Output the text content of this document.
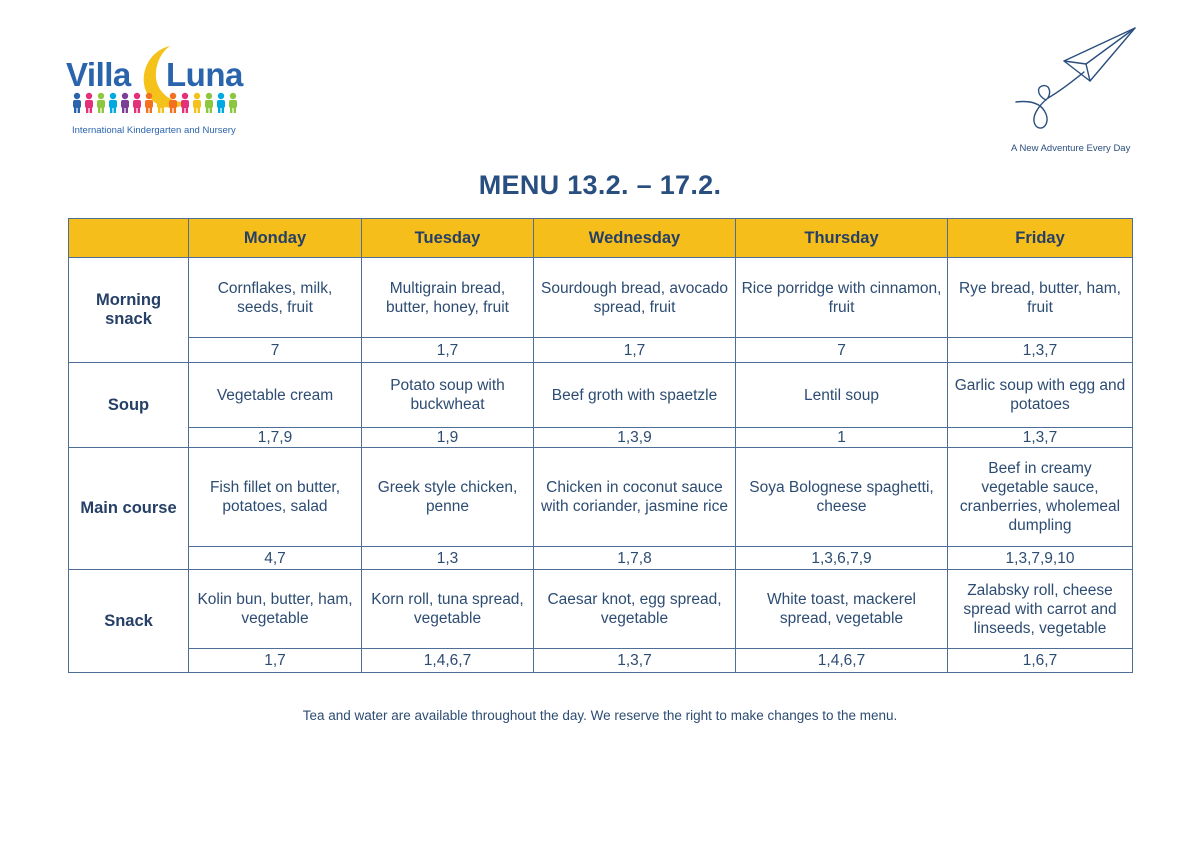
Villa Luna
International Kindergarten and Nursery
A New Adventure Every Day
MENU 13.2. – 17.2.
	Monday	Tuesday	Wednesday	Thursday	Friday
Morning snack	Cornflakes, milk, seeds, fruit	Multigrain bread, butter, honey, fruit	Sourdough bread, avocado spread, fruit	Rice porridge with cinnamon, fruit	Rye bread, butter, ham, fruit
	7	1,7	1,7	7	1,3,7
Soup	Vegetable cream	Potato soup with buckwheat	Beef groth with spaetzle	Lentil soup	Garlic soup with egg and potatoes
	1,7,9	1,9	1,3,9	1	1,3,7
Main course	Fish fillet on butter, potatoes, salad	Greek style chicken, penne	Chicken in coconut sauce with coriander, jasmine rice	Soya Bolognese spaghetti, cheese	Beef in creamy vegetable sauce, cranberries, wholemeal dumpling
	4,7	1,3	1,7,8	1,3,6,7,9	1,3,7,9,10
Snack	Kolin bun, butter, ham, vegetable	Korn roll, tuna spread, vegetable	Caesar knot, egg spread, vegetable	White toast, mackerel spread, vegetable	Zalabsky roll, cheese spread with carrot and linseeds, vegetable
	1,7	1,4,6,7	1,3,7	1,4,6,7	1,6,7
Tea and water are available throughout the day. We reserve the right to make changes to the menu.
